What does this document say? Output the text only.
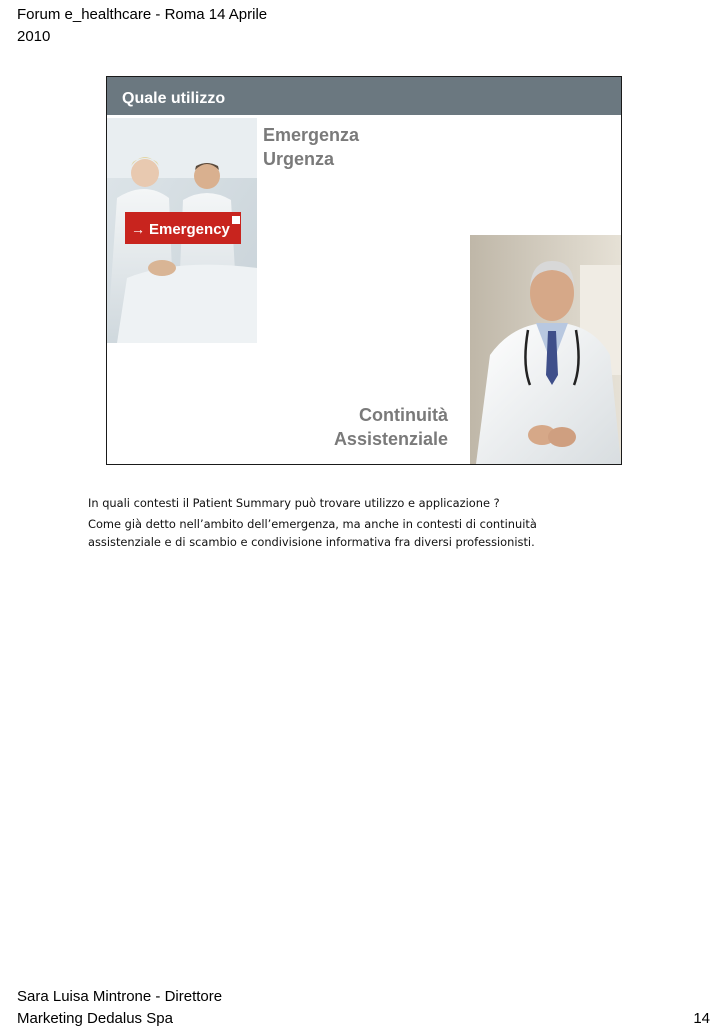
Forum e_healthcare - Roma 14 Aprile
2010
Quale utilizzo
→ Emergency
Emergenza
Urgenza
Continuità
Assistenziale

In quali contesti il Patient Summary può trovare utilizzo e applicazione ?

Come già detto nell’ambito dell’emergenza, ma anche in contesti di continuità
assistenziale e di scambio e condivisione informativa fra diversi professionisti.
Sara Luisa Mintrone - Direttore
Marketing Dedalus Spa	14
